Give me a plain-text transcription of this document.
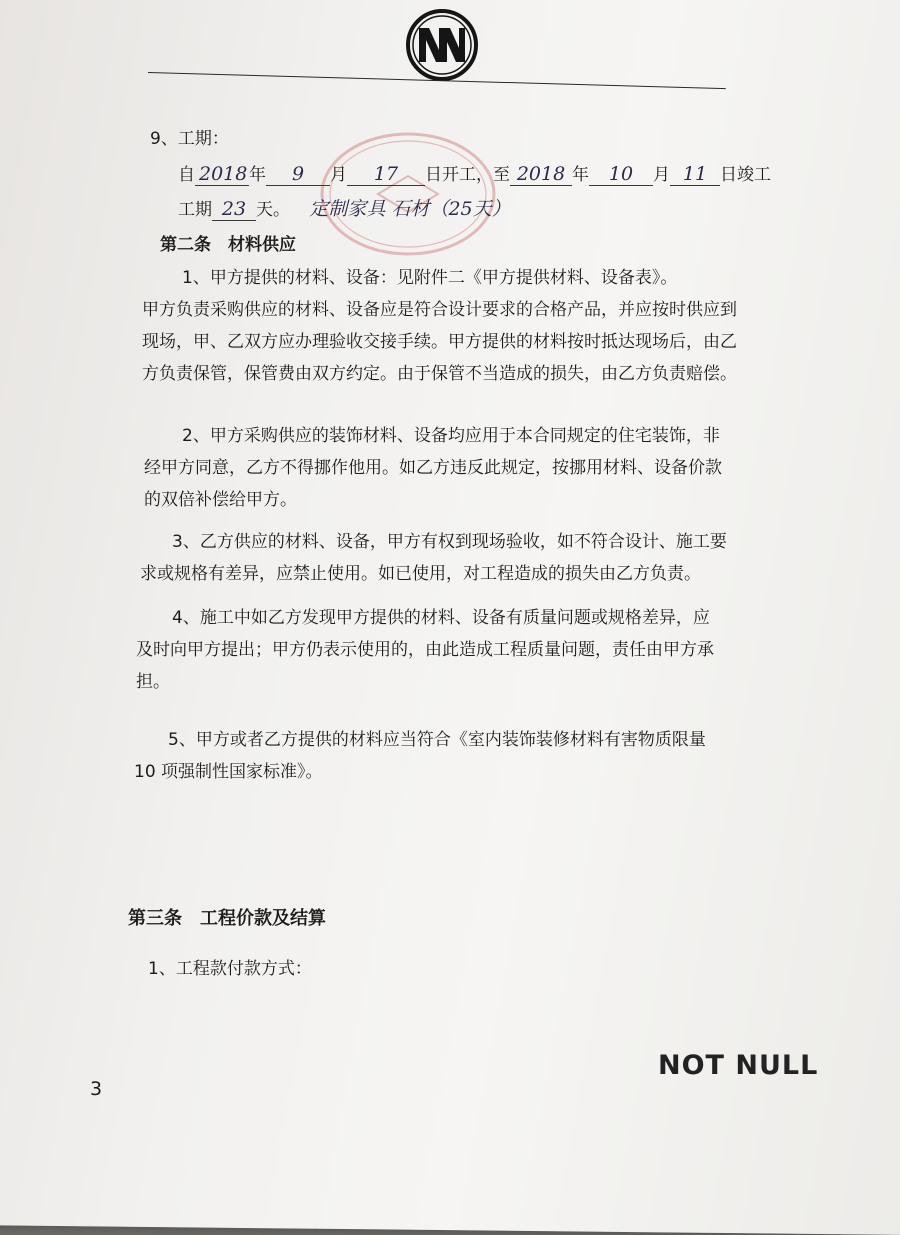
9、工期：
自 2018年 9 月 17 日开工，至 2018 年 10 月 11 日竣工
工期 23 天。 定制家具 石材（25天）
第二条　材料供应
1、甲方提供的材料、设备：见附件二《甲方提供材料、设备表》。
甲方负责采购供应的材料、设备应是符合设计要求的合格产品，并应按时供应到
现场，甲、乙双方应办理验收交接手续。甲方提供的材料按时抵达现场后，由乙
方负责保管，保管费由双方约定。由于保管不当造成的损失，由乙方负责赔偿。
2、甲方采购供应的装饰材料、设备均应用于本合同规定的住宅装饰，非
经甲方同意，乙方不得挪作他用。如乙方违反此规定，按挪用材料、设备价款
的双倍补偿给甲方。
3、乙方供应的材料、设备，甲方有权到现场验收，如不符合设计、施工要
求或规格有差异，应禁止使用。如已使用，对工程造成的损失由乙方负责。
4、施工中如乙方发现甲方提供的材料、设备有质量问题或规格差异，应
及时向甲方提出；甲方仍表示使用的，由此造成工程质量问题，责任由甲方承
担。
5、甲方或者乙方提供的材料应当符合《室内装饰装修材料有害物质限量
10 项强制性国家标准》。
第三条　工程价款及结算
1、工程款付款方式：
3
NOT NULL
